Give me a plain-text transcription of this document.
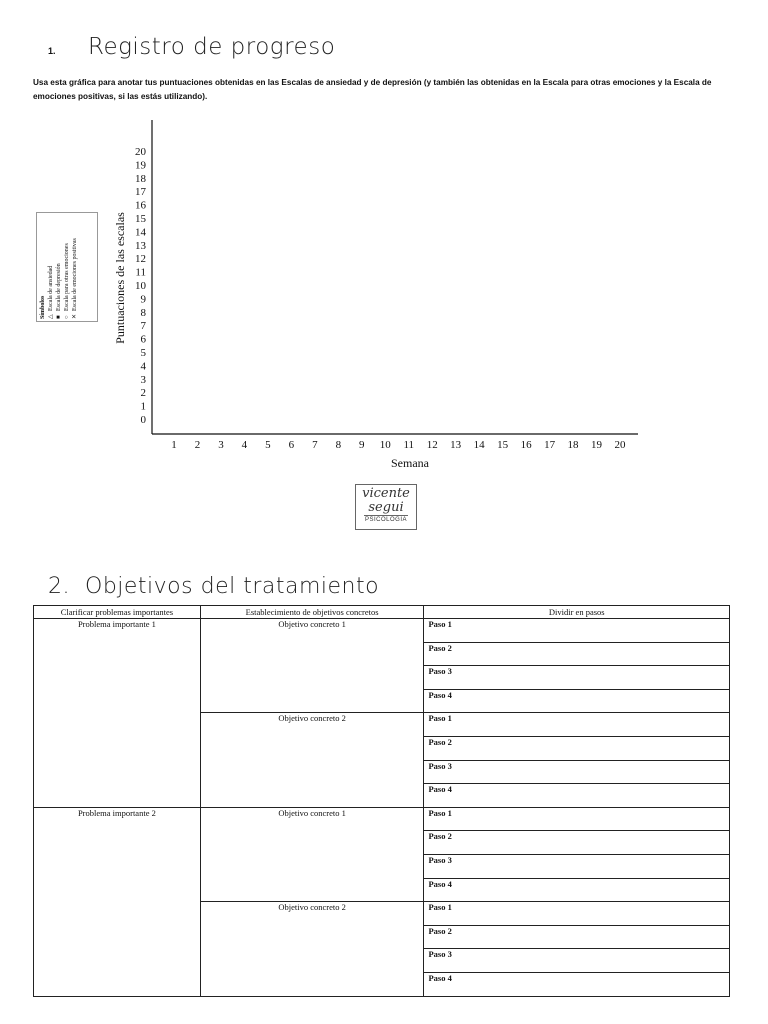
1. Registro de progreso
Usa esta gráfica para anotar tus puntuaciones obtenidas en las Escalas de ansiedad y de depresión (y también las obtenidas en la Escala para otras emociones y la Escala de emociones positivas, si las estás utilizando).
0
1
2
3
4
5
6
7
8
9
10
11
12
13
14
15
16
17
18
19
20
1 2 3 4 5 6 7 8 9 10 11 12 13 14 15 16 17 18 19 20
Semana
Puntuaciones de las escalas
Símbolos △Escala de ansiedad
■Escala de depresión
○Escala para otras emociones
✕Escala de emociones positivas
vicente
segui
PSICOLOGIA
2. Objetivos del tratamiento
Clarificar problemas importantes	Establecimiento de objetivos concretos	Dividir en pasos
Problema importante 1	Objetivo concreto 1	Paso 1
		Paso 2
		Paso 3
		Paso 4
	Objetivo concreto 2	Paso 1
		Paso 2
		Paso 3
		Paso 4
Problema importante 2	Objetivo concreto 1	Paso 1
		Paso 2
		Paso 3
		Paso 4
	Objetivo concreto 2	Paso 1
		Paso 2
		Paso 3
		Paso 4
